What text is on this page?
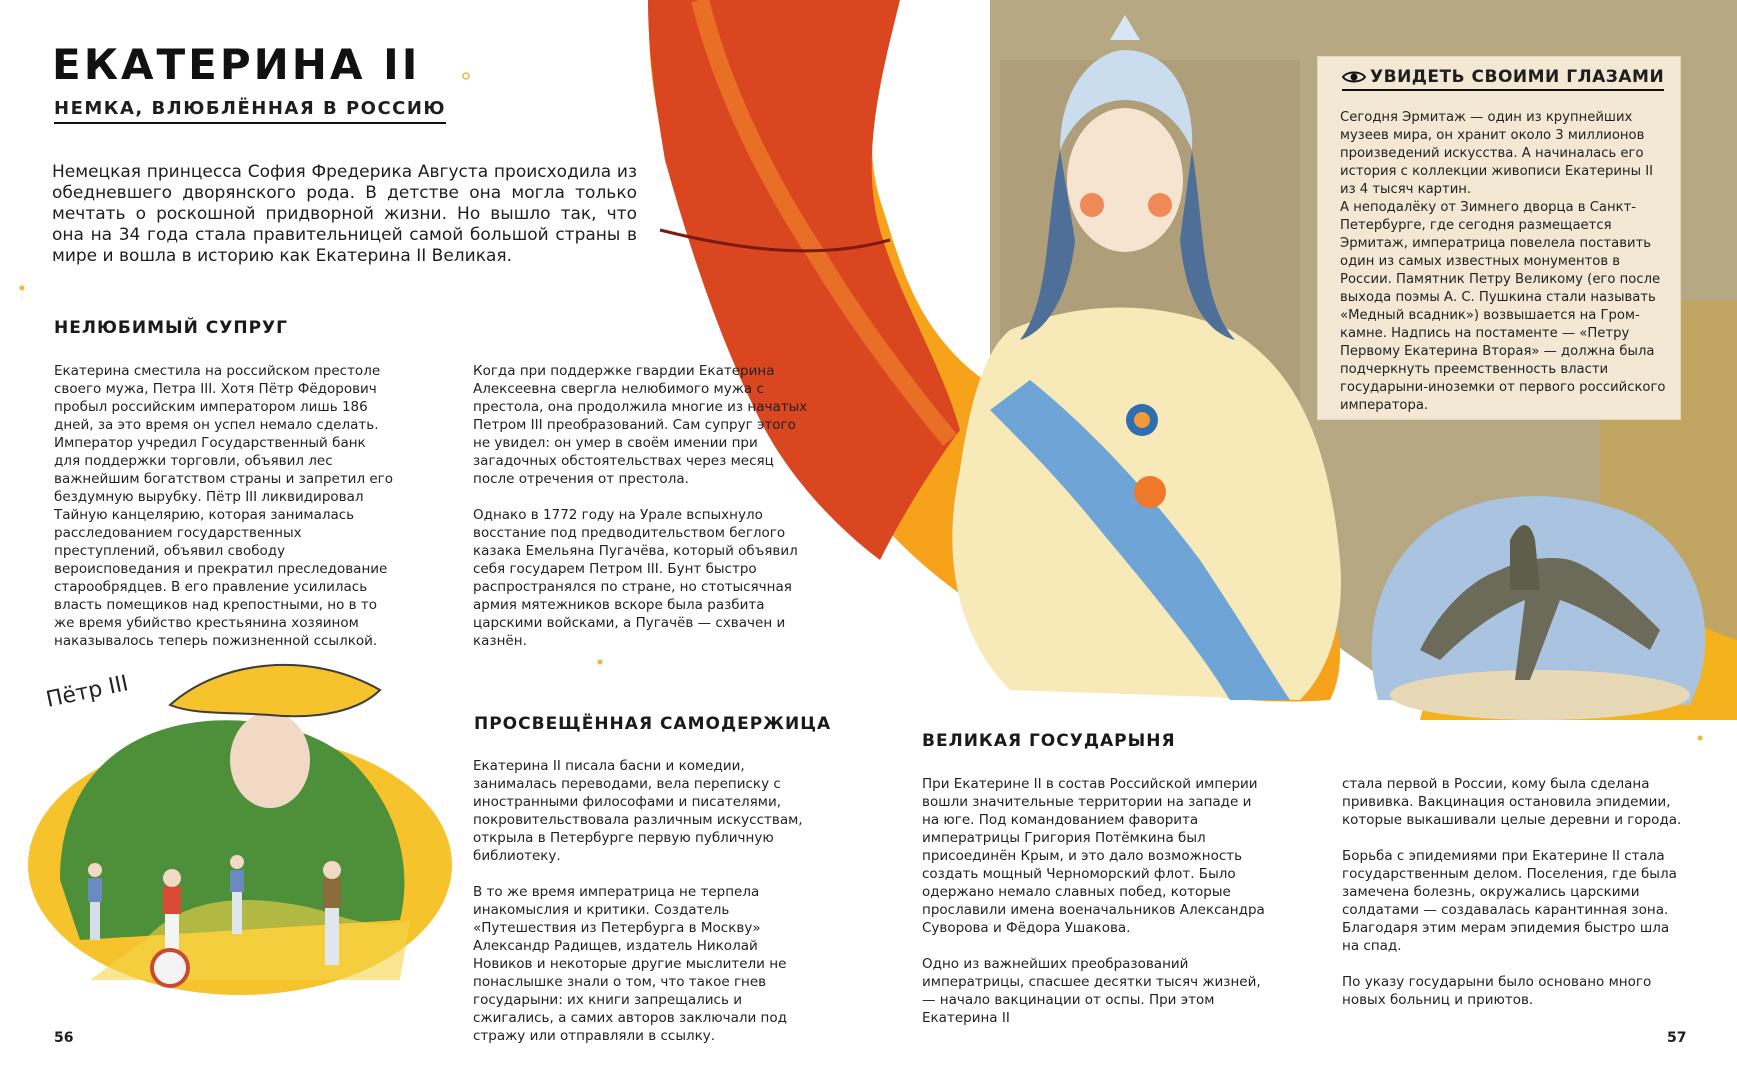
Пётр III
ЕКАТЕРИНА II
НЕМКА, ВЛЮБЛЁННАЯ В РОССИЮ
Немецкая принцесса София Фредерика Августа происходила из обедневшего дворянского рода. В детстве она могла только мечтать о роскошной придворной жизни. Но вышло так, что она на 34 года стала правительницей самой большой страны в мире и вошла в историю как Екатерина II Великая.
НЕЛЮБИМЫЙ СУПРУГ

Екатерина сместила на российском престоле своего мужа, Петра III. Хотя Пётр Фёдорович пробыл российским императором лишь 186 дней, за это время он успел немало сделать. Император учредил Государственный банк для поддержки торговли, объявил лес важнейшим богатством страны и запретил его бездумную вырубку. Пётр III ликвидировал Тайную канцелярию, которая занималась расследованием государственных преступлений, объявил свободу вероисповедания и прекратил преследование старообрядцев. В его правление усилилась власть помещиков над крепостными, но в то же время убийство крестьянина хозяином наказывалось теперь пожизненной ссылкой.

Когда при поддержке гвардии Екатерина Алексеевна свергла нелюбимого мужа с престола, она продолжила многие из начатых Петром III преобразований. Сам супруг этого не увидел: он умер в своём имении при загадочных обстоятельствах через месяц после отречения от престола.

Однако в 1772 году на Урале вспыхнуло восстание под предводительством беглого казака Емельяна Пугачёва, который объявил себя государем Петром III. Бунт быстро распространялся по стране, но стотысячная армия мятежников вскоре была разбита царскими войсками, а Пугачёв — схвачен и казнён.

ПРОСВЕЩЁННАЯ САМОДЕРЖИЦА

Екатерина II писала басни и комедии, занималась переводами, вела переписку с иностранными философами и писателями, покровительствовала различным искусствам, открыла в Петербурге первую публичную библиотеку.

В то же время императрица не терпела инакомыслия и критики. Создатель «Путешествия из Петербурга в Москву» Александр Радищев, издатель Николай Новиков и некоторые другие мыслители не понаслышке знали о том, что такое гнев государыни: их книги запрещались и сжигались, а самих авторов заключали под стражу или отправляли в ссылку.

56
УВИДЕТЬ СВОИМИ ГЛАЗАМИ

Сегодня Эрмитаж — один из крупнейших музеев мира, он хранит около 3 миллионов произведений искусства. А начиналась его история с коллекции живописи Екатерины II из 4 тысяч картин.

А неподалёку от Зимнего дворца в Санкт-Петербурге, где сегодня размещается Эрмитаж, императрица повелела поставить один из самых известных монументов в России. Памятник Петру Великому (его после выхода поэмы А. С. Пушкина стали называть «Медный всадник») возвышается на Гром-камне. Надпись на постаменте — «Петру Первому Екатерина Вторая» — должна была подчеркнуть преемственность власти государыни-иноземки от первого российского императора.

ВЕЛИКАЯ ГОСУДАРЫНЯ

При Екатерине II в состав Российской империи вошли значительные территории на западе и на юге. Под командованием фаворита императрицы Григория Потёмкина был присоединён Крым, и это дало возможность создать мощный Черноморский флот. Было одержано немало славных побед, которые прославили имена военачальников Александра Суворова и Фёдора Ушакова.

Одно из важнейших преобразований императрицы, спасшее десятки тысяч жизней, — начало вакцинации от оспы. При этом Екатерина II

стала первой в России, кому была сделана прививка. Вакцинация остановила эпидемии, которые выкашивали целые деревни и города.

Борьба с эпидемиями при Екатерине II стала государственным делом. Поселения, где была замечена болезнь, окружались царскими солдатами — создавалась карантинная зона. Благодаря этим мерам эпидемия быстро шла на спад.

По указу государыни было основано много новых больниц и приютов.

57
